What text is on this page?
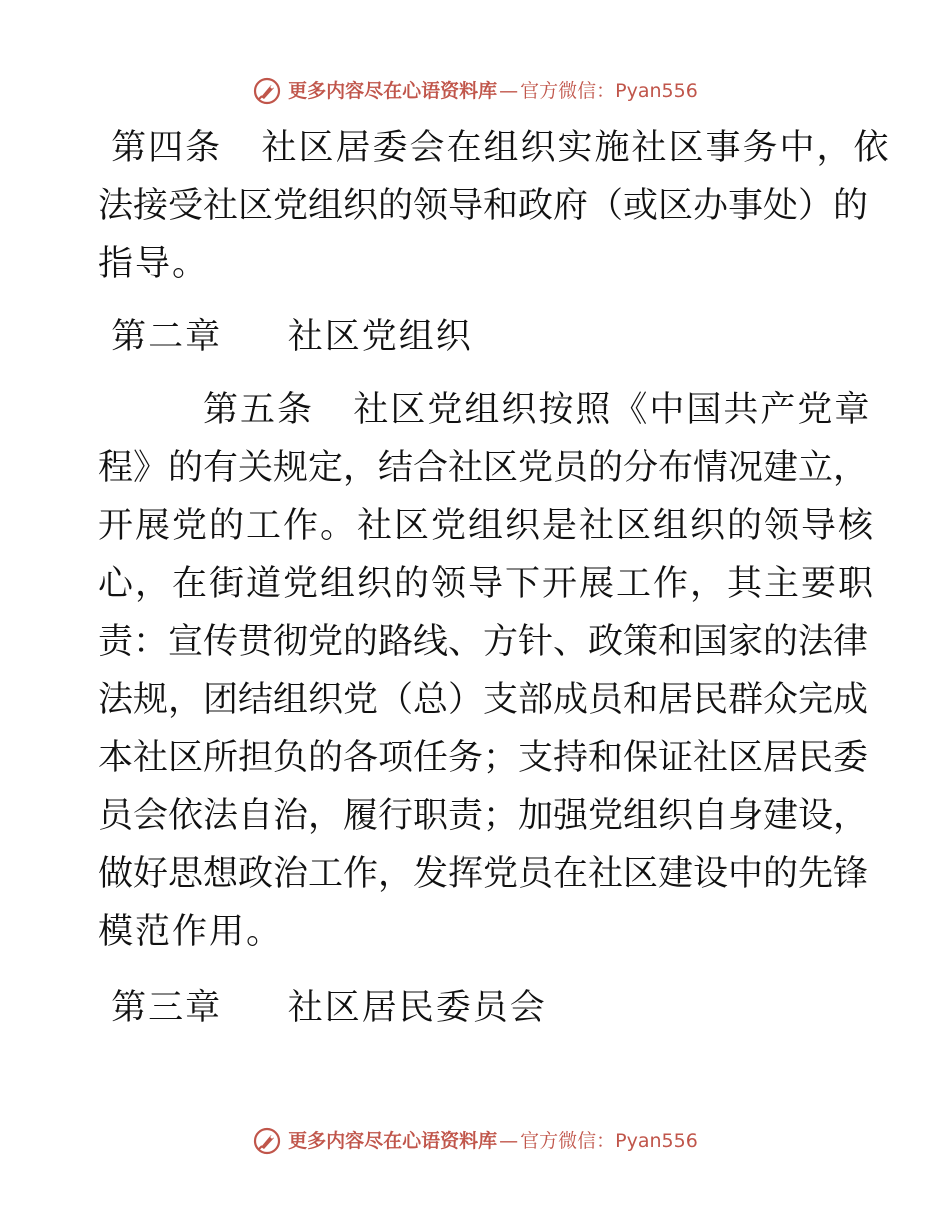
更多内容尽在心语资料库 — 官方微信：Pyan556

第四条   社区居委会在组织实施社区事务中，依

法接受社区党组织的领导和政府（或区办事处）的

指导。

第二章     社区党组织

第五条   社区党组织按照《中国共产党章

程》的有关规定，结合社区党员的分布情况建立，

开展党的工作。社区党组织是社区组织的领导核

心，在街道党组织的领导下开展工作，其主要职

责：宣传贯彻党的路线、方针、政策和国家的法律

法规，团结组织党（总）支部成员和居民群众完成

本社区所担负的各项任务；支持和保证社区居民委

员会依法自治，履行职责；加强党组织自身建设，

做好思想政治工作，发挥党员在社区建设中的先锋

模范作用。

第三章     社区居民委员会

更多内容尽在心语资料库 — 官方微信：Pyan556
